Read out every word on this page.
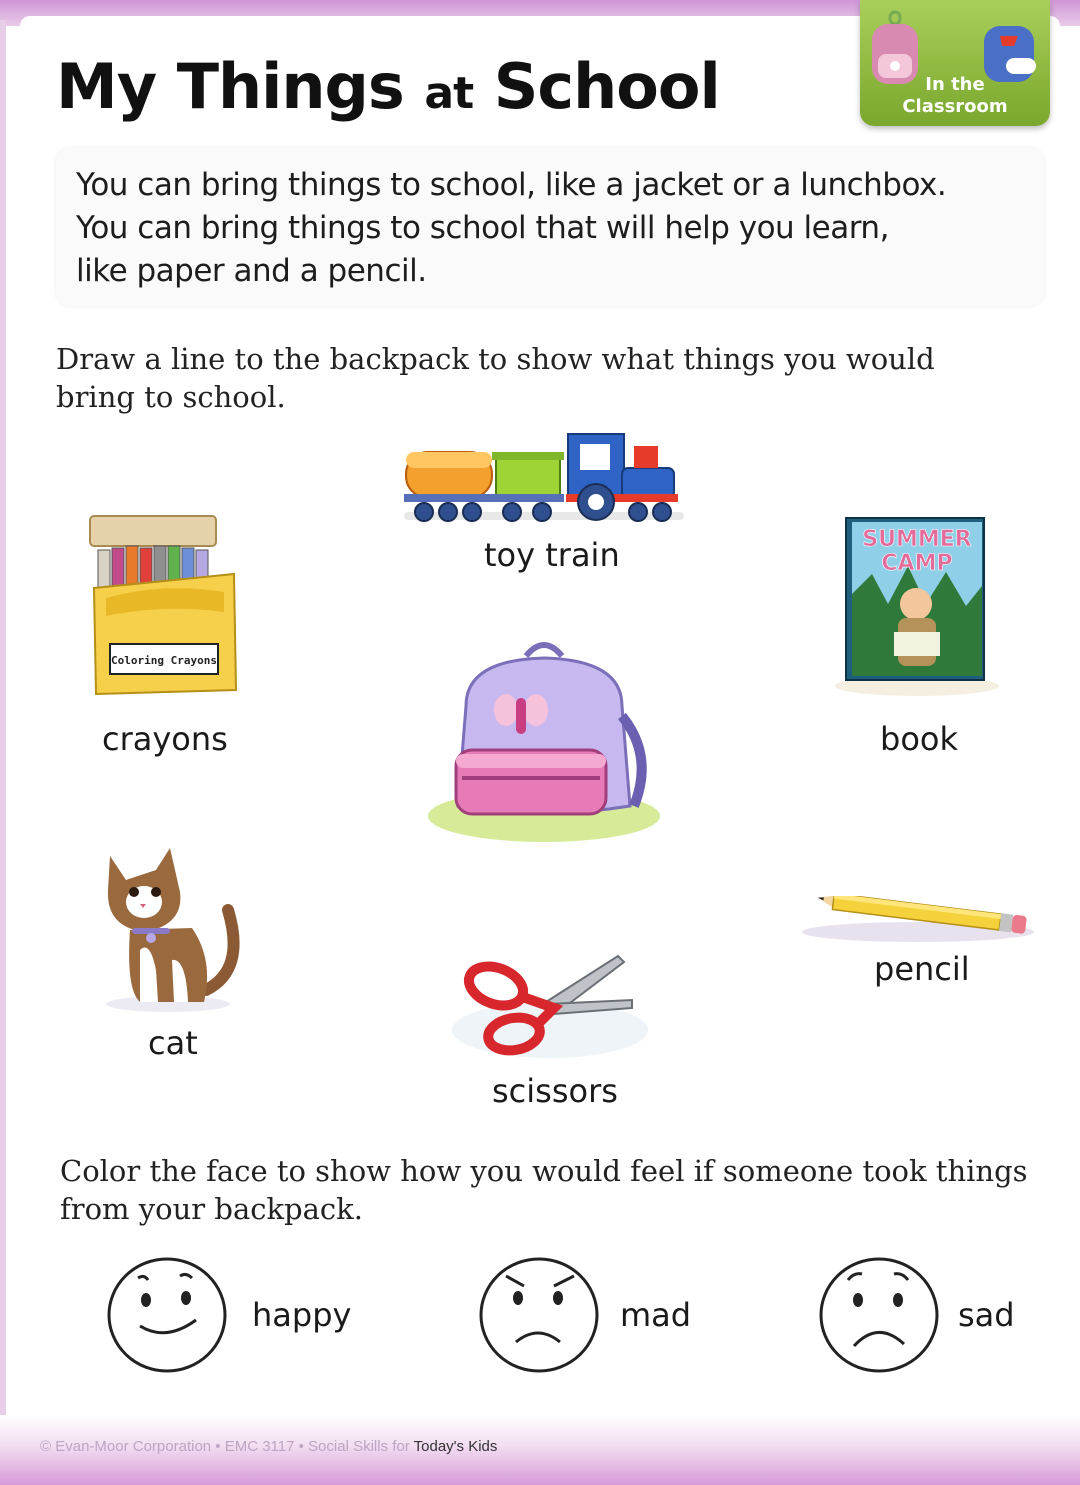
My Things at School	In the
Classroom

You can bring things to school, like a jacket or a lunchbox.
You can bring things to school that will help you learn,
like paper and a pencil.

Draw a line to the backpack to show what things you would
bring to school.

toy train
Coloring Crayons
crayons
SUMMER
CAMP
book
cat
pencil
scissors

Color the face to show how you would feel if someone took things
from your backpack.

happy	mad	sad
© Evan-Moor Corporation • EMC 3117 • Social Skills for Today's Kids
